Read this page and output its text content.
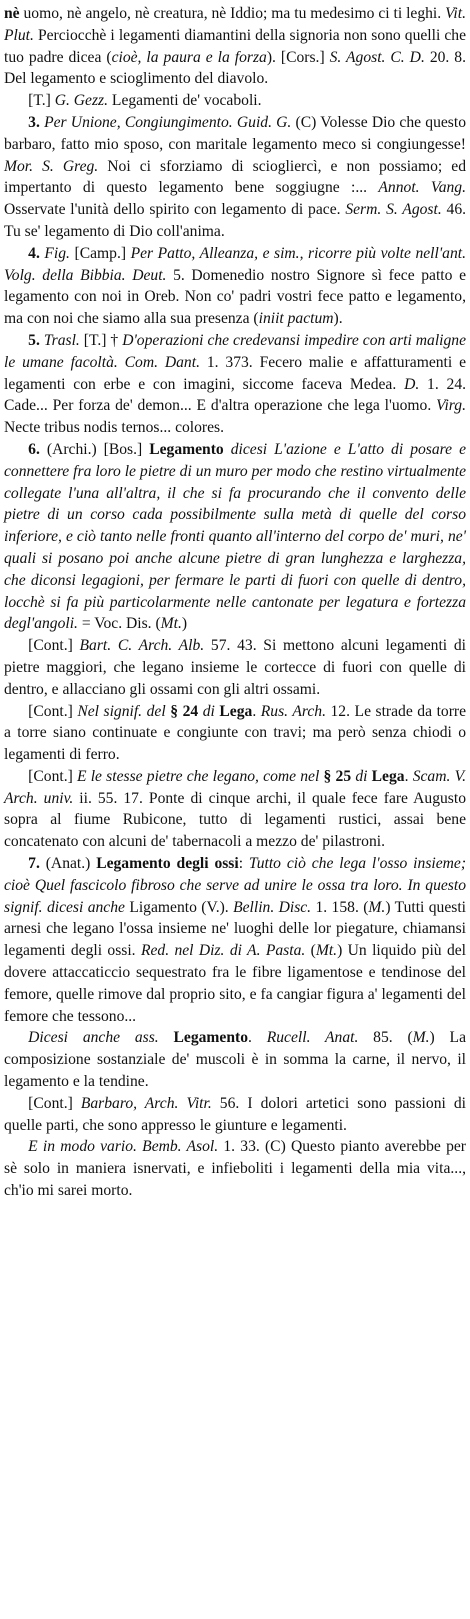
nè uomo, nè angelo, nè creatura, nè Iddio; ma tu medesimo ci ti leghi. Vit. Plut. Perciocchè i legamenti diamantini della signoria non sono quelli che tuo padre dicea (cioè, la paura e la forza). [Cors.] S. Agost. C. D. 20. 8. Del legamento e scioglimento del diavolo.

[T.] G. Gezz. Legamenti de' vocaboli.

3. Per Unione, Congiungimento. Guid. G. (C) Volesse Dio che questo barbaro, fatto mio sposo, con maritale legamento meco si congiungesse! Mor. S. Greg. Noi ci sforziamo di sciogliercì, e non possiamo; ed impertanto di questo legamento bene soggiugne :... Annot. Vang. Osservate l'unità dello spirito con legamento di pace. Serm. S. Agost. 46. Tu se' legamento di Dio coll'anima.

4. Fig. [Camp.] Per Patto, Alleanza, e sim., ricorre più volte nell'ant. Volg. della Bibbia. Deut. 5. Domenedio nostro Signore sì fece patto e legamento con noi in Oreb. Non co' padri vostri fece patto e legamento, ma con noi che siamo alla sua presenza (iniit pactum).

5. Trasl. [T.] † D'operazioni che credevansi impedire con arti maligne le umane facoltà. Com. Dant. 1. 373. Fecero malie e affatturamenti e legamenti con erbe e con imagini, siccome faceva Medea. D. 1. 24. Cade... Per forza de' demon... E d'altra operazione che lega l'uomo. Virg. Necte tribus nodis ternos... colores.

6. (Archi.) [Bos.] Legamento dicesi L'azione e L'atto di posare e connettere fra loro le pietre di un muro per modo che restino virtualmente collegate l'una all'altra, il che si fa procurando che il convento delle pietre di un corso cada possibilmente sulla metà di quelle del corso inferiore, e ciò tanto nelle fronti quanto all'interno del corpo de' muri, ne' quali si posano poi anche alcune pietre di gran lunghezza e larghezza, che diconsi legagioni, per fermare le parti di fuori con quelle di dentro, locchè si fa più particolarmente nelle cantonate per legatura e fortezza degl'angoli. = Voc. Dis. (Mt.)

[Cont.] Bart. C. Arch. Alb. 57. 43. Si mettono alcuni legamenti di pietre maggiori, che legano insieme le cortecce di fuori con quelle di dentro, e allacciano gli ossami con gli altri ossami.

[Cont.] Nel signif. del § 24 di Lega. Rus. Arch. 12. Le strade da torre a torre siano continuate e congiunte con travi; ma però senza chiodi o legamenti di ferro.

[Cont.] E le stesse pietre che legano, come nel § 25 di Lega. Scam. V. Arch. univ. ii. 55. 17. Ponte di cinque archi, il quale fece fare Augusto sopra al fiume Rubicone, tutto di legamenti rustici, assai bene concatenato con alcuni de' tabernacoli a mezzo de' pilastroni.

7. (Anat.) Legamento degli ossi: Tutto ciò che lega l'osso insieme; cioè Quel fascicolo fibroso che serve ad unire le ossa tra loro. In questo signif. dicesi anche Ligamento (V.). Bellin. Disc. 1. 158. (M.) Tutti questi arnesi che legano l'ossa insieme ne' luoghi delle lor piegature, chiamansi legamenti degli ossi. Red. nel Diz. di A. Pasta. (Mt.) Un liquido più del dovere attaccaticcio sequestrato fra le fibre ligamentose e tendinose del femore, quelle rimove dal proprio sito, e fa cangiar figura a' legamenti del femore che tessono...

Dicesi anche ass. Legamento. Rucell. Anat. 85. (M.) La composizione sostanziale de' muscoli è in somma la carne, il nervo, il legamento e la tendine.

[Cont.] Barbaro, Arch. Vitr. 56. I dolori artetici sono passioni di quelle parti, che sono appresso le giunture e legamenti.

E in modo vario. Bemb. Asol. 1. 33. (C) Questo pianto averebbe per sè solo in maniera isnervati, e infieboliti i legamenti della mia vita..., ch'io mi sarei morto.
